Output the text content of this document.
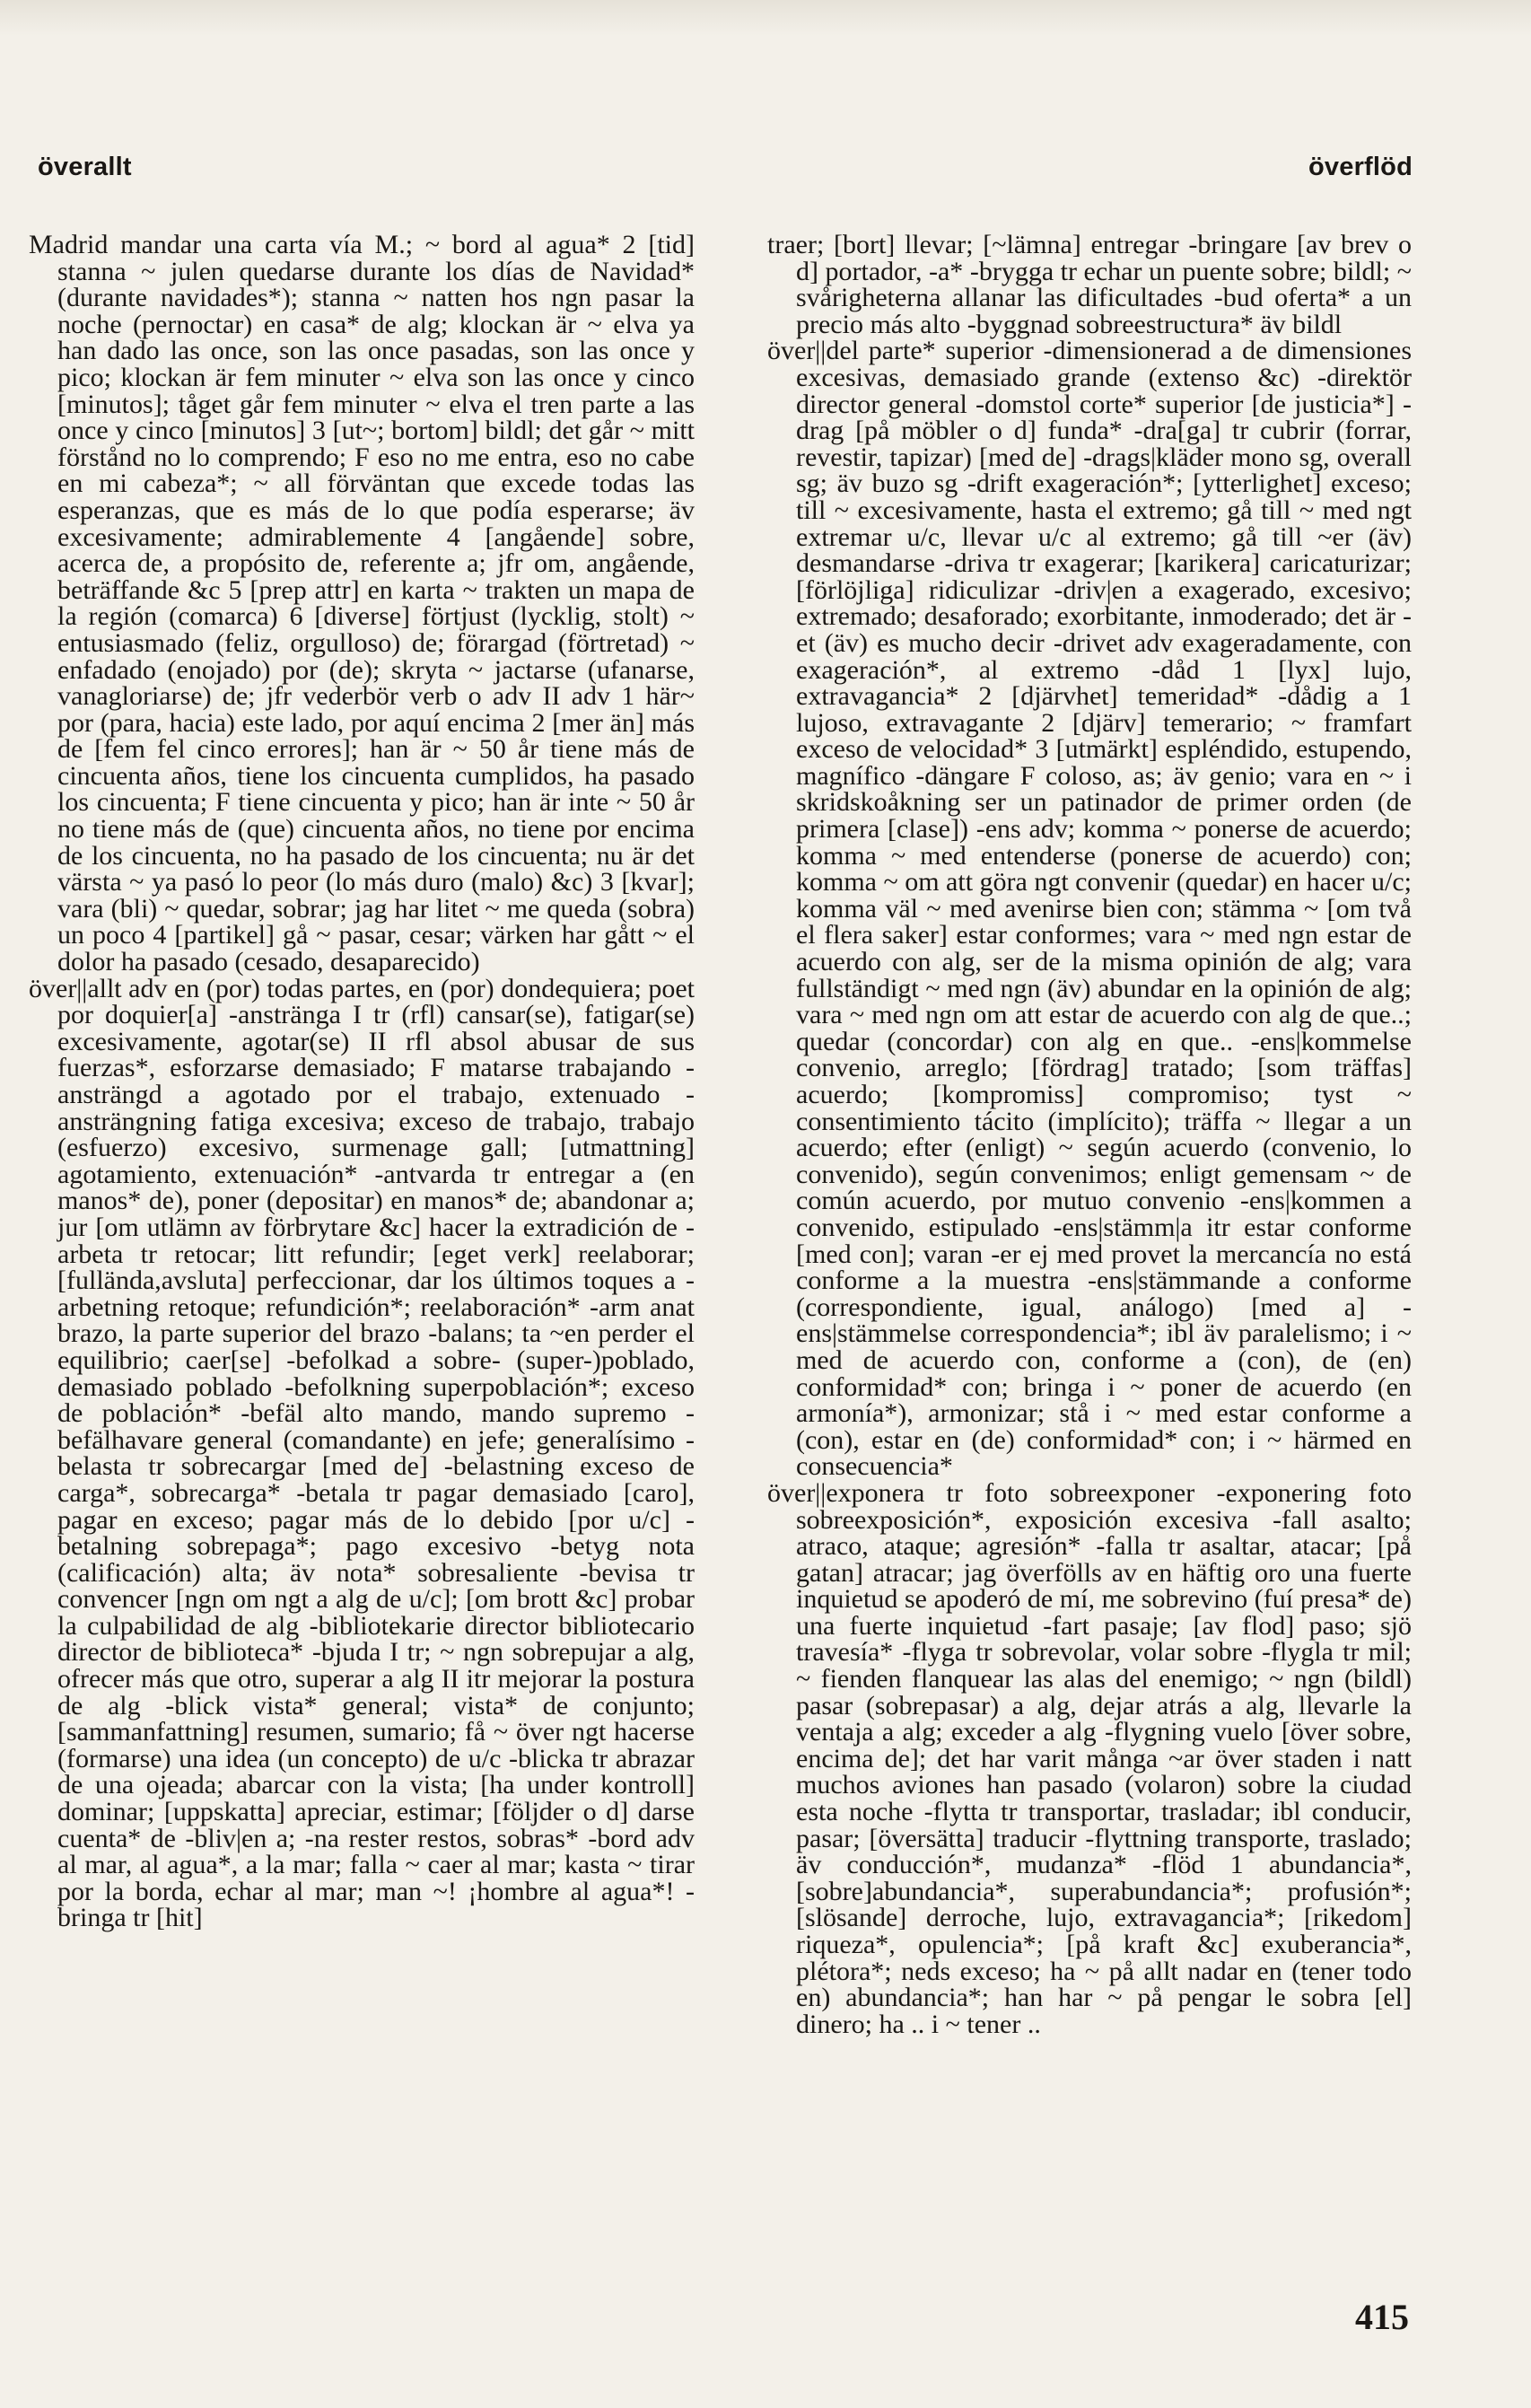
överallt	överflöd

Madrid mandar una carta vía M.; ~ bord al agua* 2 [tid] stanna ~ julen quedarse durante los días de Navidad* (durante navidades*); stanna ~ natten hos ngn pasar la noche (pernoctar) en casa* de alg; klockan är ~ elva ya han dado las once, son las once pasadas, son las once y pico; klockan är fem minuter ~ elva son las once y cinco [minutos]; tåget går fem minuter ~ elva el tren parte a las once y cinco [minutos] 3 [ut~; bortom] bildl; det går ~ mitt förstånd no lo comprendo; F eso no me entra, eso no cabe en mi cabeza*; ~ all förväntan que excede todas las esperanzas, que es más de lo que podía esperarse; äv excesivamente; admirablemente 4 [angående] sobre, acerca de, a propósito de, referente a; jfr om, angående, beträffande &c 5 [prep attr] en karta ~ trakten un mapa de la región (comarca) 6 [diverse] förtjust (lycklig, stolt) ~ entusiasmado (feliz, orgulloso) de; förargad (förtretad) ~ enfadado (enojado) por (de); skryta ~ jactarse (ufanarse, vanagloriarse) de; jfr vederbör verb o adv II adv 1 här~ por (para, hacia) este lado, por aquí encima 2 [mer än] más de [fem fel cinco errores]; han är ~ 50 år tiene más de cincuenta años, tiene los cincuenta cumplidos, ha pasado los cincuenta; F tiene cincuenta y pico; han är inte ~ 50 år no tiene más de (que) cincuenta años, no tiene por encima de los cincuenta, no ha pasado de los cincuenta; nu är det värsta ~ ya pasó lo peor (lo más duro (malo) &c) 3 [kvar]; vara (bli) ~ quedar, sobrar; jag har litet ~ me queda (sobra) un poco 4 [partikel] gå ~ pasar, cesar; värken har gått ~ el dolor ha pasado (cesado, desaparecido)

över||allt adv en (por) todas partes, en (por) dondequiera; poet por doquier[a] -anstränga I tr (rfl) cansar(se), fatigar(se) excesivamente, agotar(se) II rfl absol abusar de sus fuerzas*, esforzarse demasiado; F matarse trabajando -ansträngd a agotado por el trabajo, extenuado -ansträngning fatiga excesiva; exceso de trabajo, trabajo (esfuerzo) excesivo, surmenage gall; [utmattning] agotamiento, extenuación* -antvarda tr entregar a (en manos* de), poner (depositar) en manos* de; abandonar a; jur [om utlämn av förbrytare &c] hacer la extradición de -arbeta tr retocar; litt refundir; [eget verk] reelaborar; [fullända,avsluta] perfeccionar, dar los últimos toques a -arbetning retoque; refundición*; reelaboración* -arm anat brazo, la parte superior del brazo -balans; ta ~en perder el equilibrio; caer[se] -befolkad a sobre- (super-)poblado, demasiado poblado -befolkning superpoblación*; exceso de población* -befäl alto mando, mando supremo -befälhavare general (comandante) en jefe; generalísimo -belasta tr sobrecargar [med de] -belastning exceso de carga*, sobrecarga* -betala tr pagar demasiado [caro], pagar en exceso; pagar más de lo debido [por u/c] -betalning sobrepaga*; pago excesivo -betyg nota (calificación) alta; äv nota* sobresaliente -bevisa tr convencer [ngn om ngt a alg de u/c]; [om brott &c] probar la culpabilidad de alg -bibliotekarie director bibliotecario director de biblioteca* -bjuda I tr; ~ ngn sobrepujar a alg, ofrecer más que otro, superar a alg II itr mejorar la postura de alg -blick vista* general; vista* de conjunto; [sammanfattning] resumen, sumario; få ~ över ngt hacerse (formarse) una idea (un concepto) de u/c -blicka tr abrazar de una ojeada; abarcar con la vista; [ha under kontroll] dominar; [uppskatta] apreciar, estimar; [följder o d] darse cuenta* de -bliv|en a; -na rester restos, sobras* -bord adv al mar, al agua*, a la mar; falla ~ caer al mar; kasta ~ tirar por la borda, echar al mar; man ~! ¡hombre al agua*! -bringa tr [hit]

traer; [bort] llevar; [~lämna] entregar -bringare [av brev o d] portador, -a* -brygga tr echar un puente sobre; bildl; ~ svårigheterna allanar las dificultades -bud oferta* a un precio más alto -byggnad sobreestructura* äv bildl

över||del parte* superior -dimensionerad a de dimensiones excesivas, demasiado grande (extenso &c) -direktör director general -domstol corte* superior [de justicia*] -drag [på möbler o d] funda* -dra[ga] tr cubrir (forrar, revestir, tapizar) [med de] -drags|kläder mono sg, overall sg; äv buzo sg -drift exageración*; [ytterlighet] exceso; till ~ excesivamente, hasta el extremo; gå till ~ med ngt extremar u/c, llevar u/c al extremo; gå till ~er (äv) desmandarse -driva tr exagerar; [karikera] caricaturizar; [förlöjliga] ridiculizar -driv|en a exagerado, excesivo; extremado; desaforado; exorbitante, inmoderado; det är -et (äv) es mucho decir -drivet adv exageradamente, con exageración*, al extremo -dåd 1 [lyx] lujo, extravagancia* 2 [djärvhet] temeridad* -dådig a 1 lujoso, extravagante 2 [djärv] temerario; ~ framfart exceso de velocidad* 3 [utmärkt] espléndido, estupendo, magnífico -dängare F coloso, as; äv genio; vara en ~ i skridskoåkning ser un patinador de primer orden (de primera [clase]) -ens adv; komma ~ ponerse de acuerdo; komma ~ med entenderse (ponerse de acuerdo) con; komma ~ om att göra ngt convenir (quedar) en hacer u/c; komma väl ~ med avenirse bien con; stämma ~ [om två el flera saker] estar conformes; vara ~ med ngn estar de acuerdo con alg, ser de la misma opinión de alg; vara fullständigt ~ med ngn (äv) abundar en la opinión de alg; vara ~ med ngn om att estar de acuerdo con alg de que..; quedar (concordar) con alg en que.. -ens|kommelse convenio, arreglo; [fördrag] tratado; [som träffas] acuerdo; [kompromiss] compromiso; tyst ~ consentimiento tácito (implícito); träffa ~ llegar a un acuerdo; efter (enligt) ~ según acuerdo (convenio, lo convenido), según convenimos; enligt gemensam ~ de común acuerdo, por mutuo convenio -ens|kommen a convenido, estipulado -ens|stämm|a itr estar conforme [med con]; varan -er ej med provet la mercancía no está conforme a la muestra -ens|stämmande a conforme (correspondiente, igual, análogo) [med a] -ens|stämmelse correspondencia*; ibl äv paralelismo; i ~ med de acuerdo con, conforme a (con), de (en) conformidad* con; bringa i ~ poner de acuerdo (en armonía*), armonizar; stå i ~ med estar conforme a (con), estar en (de) conformidad* con; i ~ härmed en consecuencia*

över||exponera tr foto sobreexponer -exponering foto sobreexposición*, exposición excesiva -fall asalto; atraco, ataque; agresión* -falla tr asaltar, atacar; [på gatan] atracar; jag överfölls av en häftig oro una fuerte inquietud se apoderó de mí, me sobrevino (fuí presa* de) una fuerte inquietud -fart pasaje; [av flod] paso; sjö travesía* -flyga tr sobrevolar, volar sobre -flygla tr mil; ~ fienden flanquear las alas del enemigo; ~ ngn (bildl) pasar (sobrepasar) a alg, dejar atrás a alg, llevarle la ventaja a alg; exceder a alg -flygning vuelo [över sobre, encima de]; det har varit många ~ar över staden i natt muchos aviones han pasado (volaron) sobre la ciudad esta noche -flytta tr transportar, trasladar; ibl conducir, pasar; [översätta] traducir -flyttning transporte, traslado; äv conducción*, mudanza* -flöd 1 abundancia*, [sobre]abundancia*, superabundancia*; profusión*; [slösande] derroche, lujo, extravagancia*; [rikedom] riqueza*, opulencia*; [på kraft &c] exuberancia*, plétora*; neds exceso; ha ~ på allt nadar en (tener todo en) abundancia*; han har ~ på pengar le sobra [el] dinero; ha .. i ~ tener ..

415
